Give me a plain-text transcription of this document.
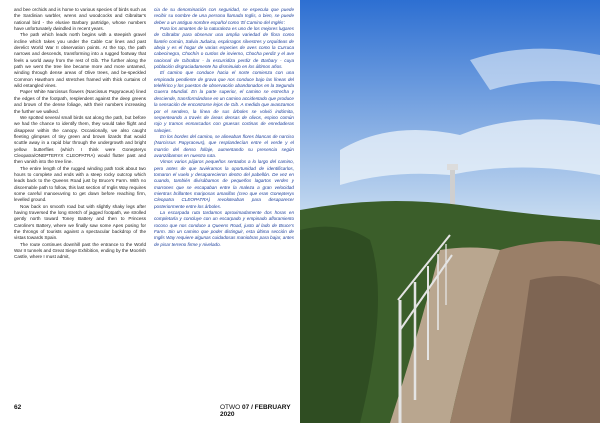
and bee orchids and is home to various species of birds such as the Sardinian warbler, wrens and woodcocks and Gibraltar's national bird - the elusive Barbary partridge, whose numbers have unfortunately dwindled in recent years.

The path which leads north begins with a steepish gravel incline which takes you under the Cable Car lines and past derelict World War II observation points. At the top, the path narrows and descends, transforming into a rugged footway that feels a world away from the rest of Gib. The further along the path we went the tree line became more and more untamed, winding through dense areas of Olive trees, and be-speckled Common Hawthorn and stretches framed with thick curtains of wild entangled vines.

Paper White Narcissus flowers (Narcissus Papyraceus) lined the edges of the footpath, resplendent against the deep greens and brown of the dense foliage, with their numbers increasing the further we walked.

We spotted several small birds sat along the path, but before we had the chance to identify them, they would take flight and disappear within the canopy. Occasionally, we also caught fleeting glimpses of tiny green and brown lizards that would scuttle away in a rapid blur through the undergrowth and bright yellow butterflies (which I think were Gonepteryx Cleopatra/ONEPTERYX CLEOPATRA) would flutter past and then vanish into the tree line.

The entire length of the rugged winding path took about two hours to complete and ends with a steep rocky outcrop which leads back to the Queens Road just by Bruce's Farm. With no discernable path to follow, this last section of Inglis Way requires some careful manoeuvring to get down before reaching firm, levelled ground.

Now back on smooth road but with slightly shaky legs after having traversed the long stretch of jagged footpath, we strolled gently north toward Toney Battery and then to Princess Caroline's Battery, where we finally saw some Apes posing for the throngs of tourists against a spectacular backdrop of the vistas towards Spain.

The route continues downhill past the entrance to the World War II tunnels and Great Siege Exhibition, ending by the Moorish Castle, where I must admit,

cia de su denominación con seguridad, se especula que puede recibir su nombre de una persona llamada Inglis, o bien, se puede deber a un antiguo nombre español como 'El Camino del Inglés'.

Para los amantes de la naturaleza es uno de los mejores lugares de Gibraltar para observar una amplia variedad de flora como llantén común, Salvia Judaica, espárragos silvestres y orquídeas de abeja y es el hogar de varias especies de aves como la Curruca cabecinegra, Chochín o curtios de invierno, Chocha perdiz y el ave nacional de Gibraltar - la escurridiza perdiz de Barbary - cuya población disgraciadamente ha disminuido en los últimos años.

El camino que conduce hacia el norte comienza con una empinada pendiente de grava que nos conduce bajo las líneas del teleférico y los puestos de observación abandonados en la Segunda Guerra Mundial. En la parte superior, el camino se estrecha y desciende, transformándose en un camino accidentado que produce la sensación de encontrarse lejos de Gib. A medida que avanzamos por el sendero, la línea de sus árboles se volvió indómita, serpenteando a través de áreas densas de olivos, espino común rojo y tramos enmarcados con gruesas cortinas de enredaderas salvajes.

En los bordes del camino, se alineaban flores blancas de narciso (Narcissus Papyraceus), que resplandecían entre el verde y el marrón del denso follaje, aumentando su presencia según avanzábamos en nuestra ruta.

Vimos varios pájaros pequeños sentados a lo largo del camino, pero antes de que tuviéramos la oportunidad de identificarlos, tomaron el vuelo y desaparecieron dentro del pabellón. De vez en cuando, también divisábamos de pequeños lagartos verdes y marrones que se escapaban entre la maleza a gran velocidad mientras brillantes mariposas amarillas (creo que eran Gonepteryx Cleopatra CLEOPATRA) revoloteaban para desaparecer posteriormente entre los árboles.

La escarpada ruta tardamos aproximadamente dos horas en completarla y concluye con un escarpado y empinado afloramiento rocoso que nos conduce a Queens Road, justo al lado de Bruce's Farm. Sin un camino que poder distinguir, esta última sección de Inglis Way requiere algunas cuidadosas maniobras para bajar, antes de pisar terreno firme y nivelado.

62	OTWO 07 / FEBRUARY 2020
